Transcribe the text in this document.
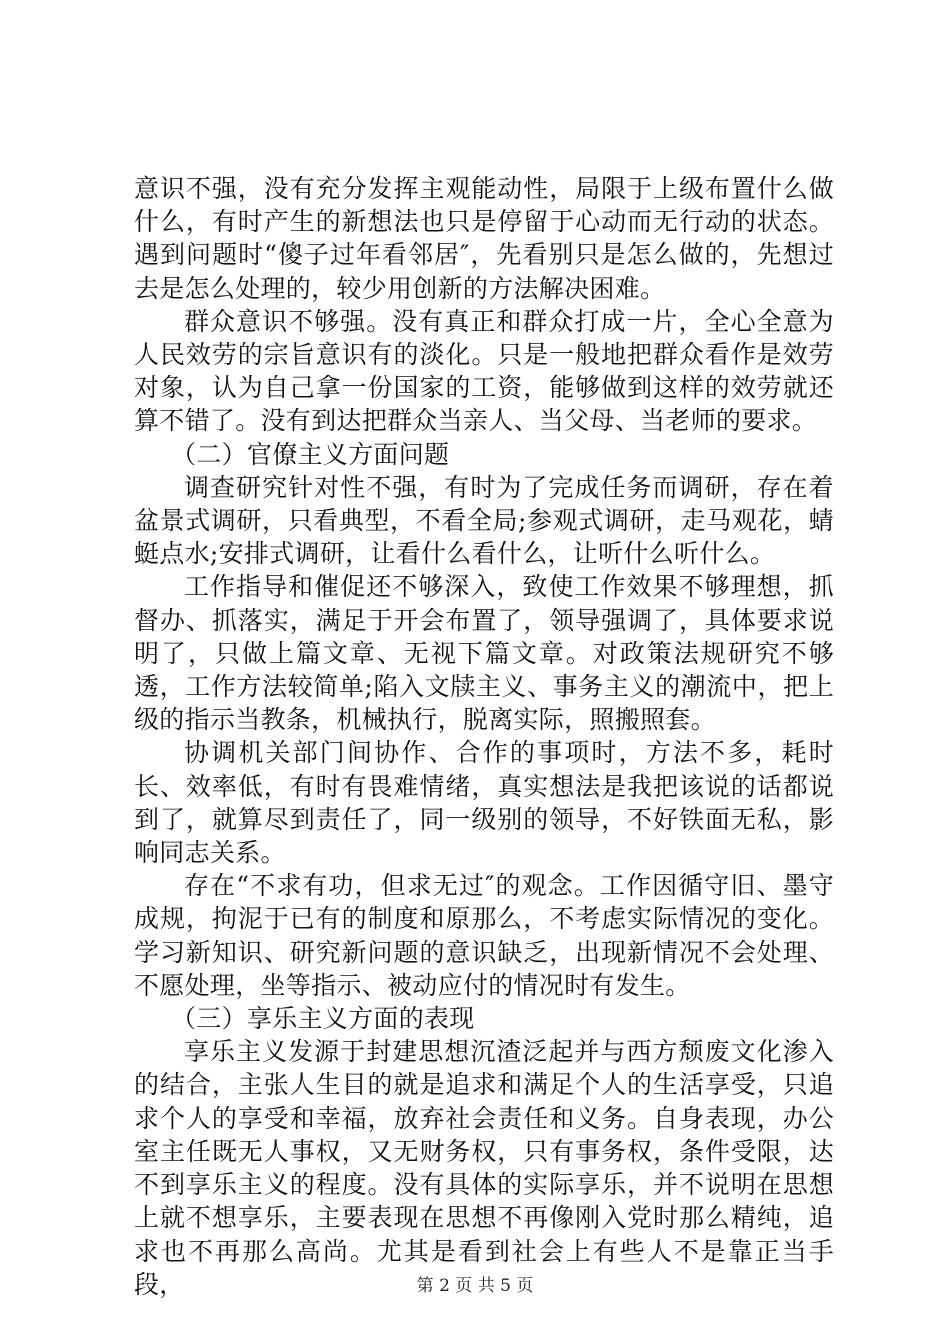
意识不强，没有充分发挥主观能动性，局限于上级布置什么做什么，有时产生的新想法也只是停留于心动而无行动的状态。遇到问题时“傻子过年看邻居″，先看别只是怎么做的，先想过去是怎么处理的，较少用创新的方法解决困难。

群众意识不够强。没有真正和群众打成一片，全心全意为人民效劳的宗旨意识有的淡化。只是一般地把群众看作是效劳对象，认为自己拿一份国家的工资，能够做到这样的效劳就还算不错了。没有到达把群众当亲人、当父母、当老师的要求。

（二）官僚主义方面问题

调查研究针对性不强，有时为了完成任务而调研，存在着盆景式调研，只看典型，不看全局;参观式调研，走马观花，蜻蜓点水;安排式调研，让看什么看什么，让听什么听什么。

工作指导和催促还不够深入，致使工作效果不够理想，抓督办、抓落实，满足于开会布置了，领导强调了，具体要求说明了，只做上篇文章、无视下篇文章。对政策法规研究不够透，工作方法较简单;陷入文牍主义、事务主义的潮流中，把上级的指示当教条，机械执行，脱离实际，照搬照套。

协调机关部门间协作、合作的事项时，方法不多，耗时长、效率低，有时有畏难情绪，真实想法是我把该说的话都说到了，就算尽到责任了，同一级别的领导，不好铁面无私，影响同志关系。

存在“不求有功，但求无过″的观念。工作因循守旧、墨守成规，拘泥于已有的制度和原那么，不考虑实际情况的变化。学习新知识、研究新问题的意识缺乏，出现新情况不会处理、不愿处理，坐等指示、被动应付的情况时有发生。

（三）享乐主义方面的表现

享乐主义发源于封建思想沉渣泛起并与西方颓废文化渗入的结合，主张人生目的就是追求和满足个人的生活享受，只追求个人的享受和幸福，放弃社会责任和义务。自身表现，办公室主任既无人事权，又无财务权，只有事务权，条件受限，达不到享乐主义的程度。没有具体的实际享乐，并不说明在思想上就不想享乐，主要表现在思想不再像刚入党时那么精纯，追求也不再那么高尚。尤其是看到社会上有些人不是靠正当手段，	第 2 页 共 5 页
